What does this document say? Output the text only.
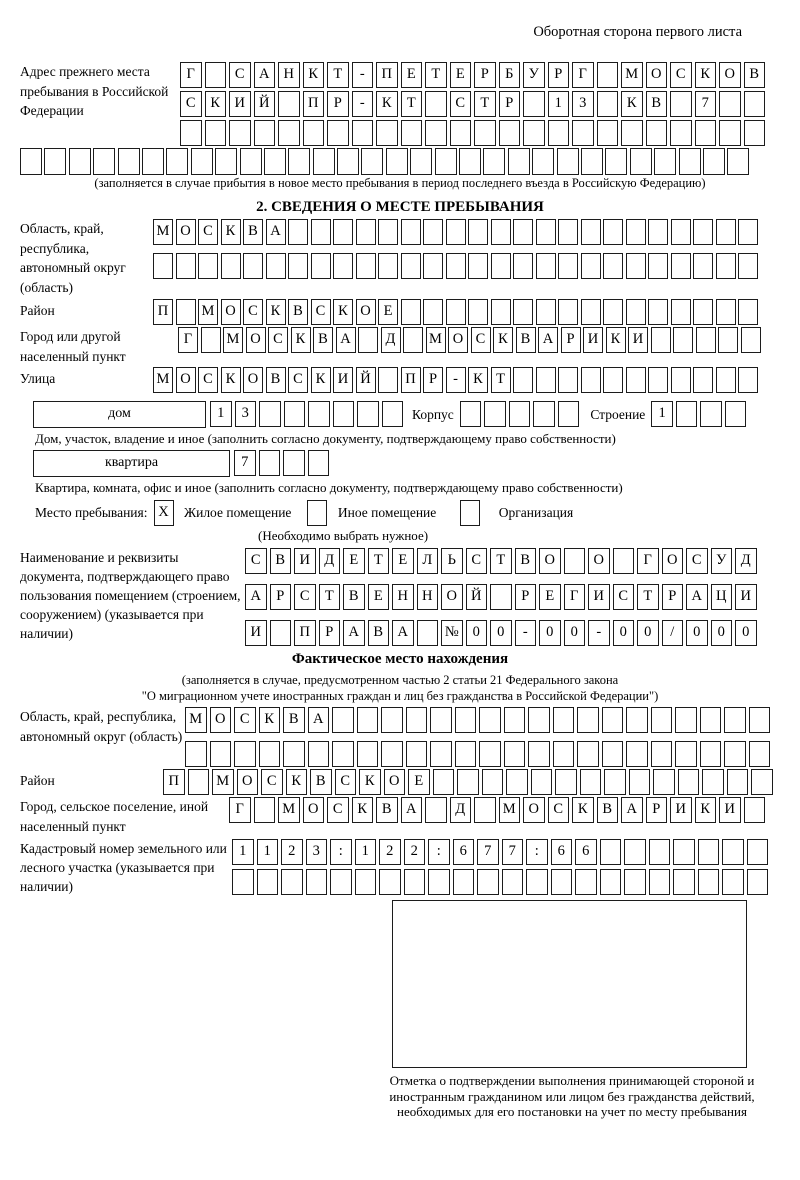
Оборотная сторона первого листа
Адрес прежнего места пребывания в Российской Федерации
Г	С А Н К Т - П Е Т Е Р Б У Р Г	М О С К О В
С К И Й	П Р - К Т	С Т Р	1 3	К В	7
(заполняется в случае прибытия в новое место пребывания в период последнего въезда в Российскую Федерацию)
2. СВЕДЕНИЯ О МЕСТЕ ПРЕБЫВАНИЯ
Область, край, республика, автономный округ (область)
М О С К В А
Район	П М О С К В С К О Е
Город или другой населенный пункт
Г М О С К В А Д М О С К В А Р И К И
Улица	М О С К О В С К И Й П Р - К Т
дом	1 3	Корпус	Строение 1
Дом, участок, владение и иное (заполнить согласно документу, подтверждающему право собственности)
квартира	7
Квартира, комната, офис и иное (заполнить согласно документу, подтверждающему право собственности)
Место пребывания: X	Жилое помещение	Иное помещение	Организация
(Необходимо выбрать нужное)
Наименование и реквизиты документа, подтверждающего право пользования помещением (строением, сооружением) (указывается при наличии)
С В И Д Е Т Е Л Ь С Т В О	О	Г О С У Д
А Р С Т В Е Н Н О Й	Р Е Г И С Т Р А Ц И
И	П Р А В А	№ 0 0 - 0 0 - 0 0 / 0 0 0
Фактическое место нахождения
(заполняется в случае, предусмотренном частью 2 статьи 21 Федерального закона
"О миграционном учете иностранных граждан и лиц без гражданства в Российской Федерации")
Область, край, республика, автономный округ (область)
М О С К В А
Район	П	М О С К В С К О Е
Город, сельское поселение, иной населенный пункт
Г	М О С К В А	Д	М О С К В А Р И К И
Кадастровый номер земельного или лесного участка (указывается при наличии)
1 1 2 3 : 1 2 2 : 6 7 7 : 6 6
Отметка о подтверждении выполнения принимающей стороной и иностранным гражданином или лицом без гражданства действий, необходимых для его постановки на учет по месту пребывания
